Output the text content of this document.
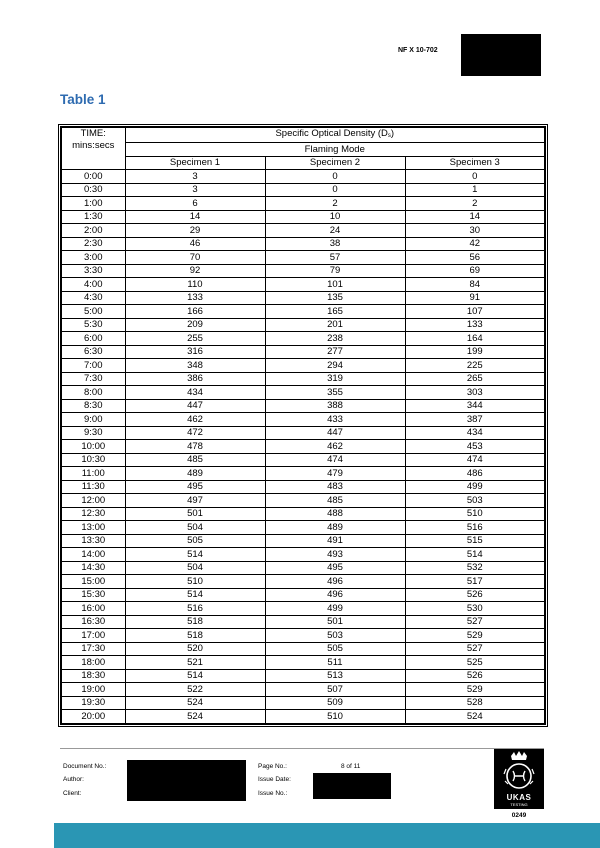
NF X 10-702
Table 1
TIME:
mins:secs	Specific Optical Density $(D_s)$		
	Flaming Mode		
	Specimen 1	Specimen 2	Specimen 3
0:00	3	0	0
0:30	3	0	1
1:00	6	2	2
1:30	14	10	14
2:00	29	24	30
2:30	46	38	42
3:00	70	57	56
3:30	92	79	69
4:00	110	101	84
4:30	133	135	91
5:00	166	165	107
5:30	209	201	133
6:00	255	238	164
6:30	316	277	199
7:00	348	294	225
7:30	386	319	265
8:00	434	355	303
8:30	447	388	344
9:00	462	433	387
9:30	472	447	434
10:00	478	462	453
10:30	485	474	474
11:00	489	479	486
11:30	495	483	499
12:00	497	485	503
12:30	501	488	510
13:00	504	489	516
13:30	505	491	515
14:00	514	493	514
14:30	504	495	532
15:00	510	496	517
15:30	514	496	526
16:00	516	499	530
16:30	518	501	527
17:00	518	503	529
17:30	520	505	527
18:00	521	511	525
18:30	514	513	526
19:00	522	507	529
19:30	524	509	528
20:00	524	510	524
Document No.:
Author:
Client:
Page No.:	8 of 11
Issue Date:
Issue No.:	UKAS
TESTING
0249
